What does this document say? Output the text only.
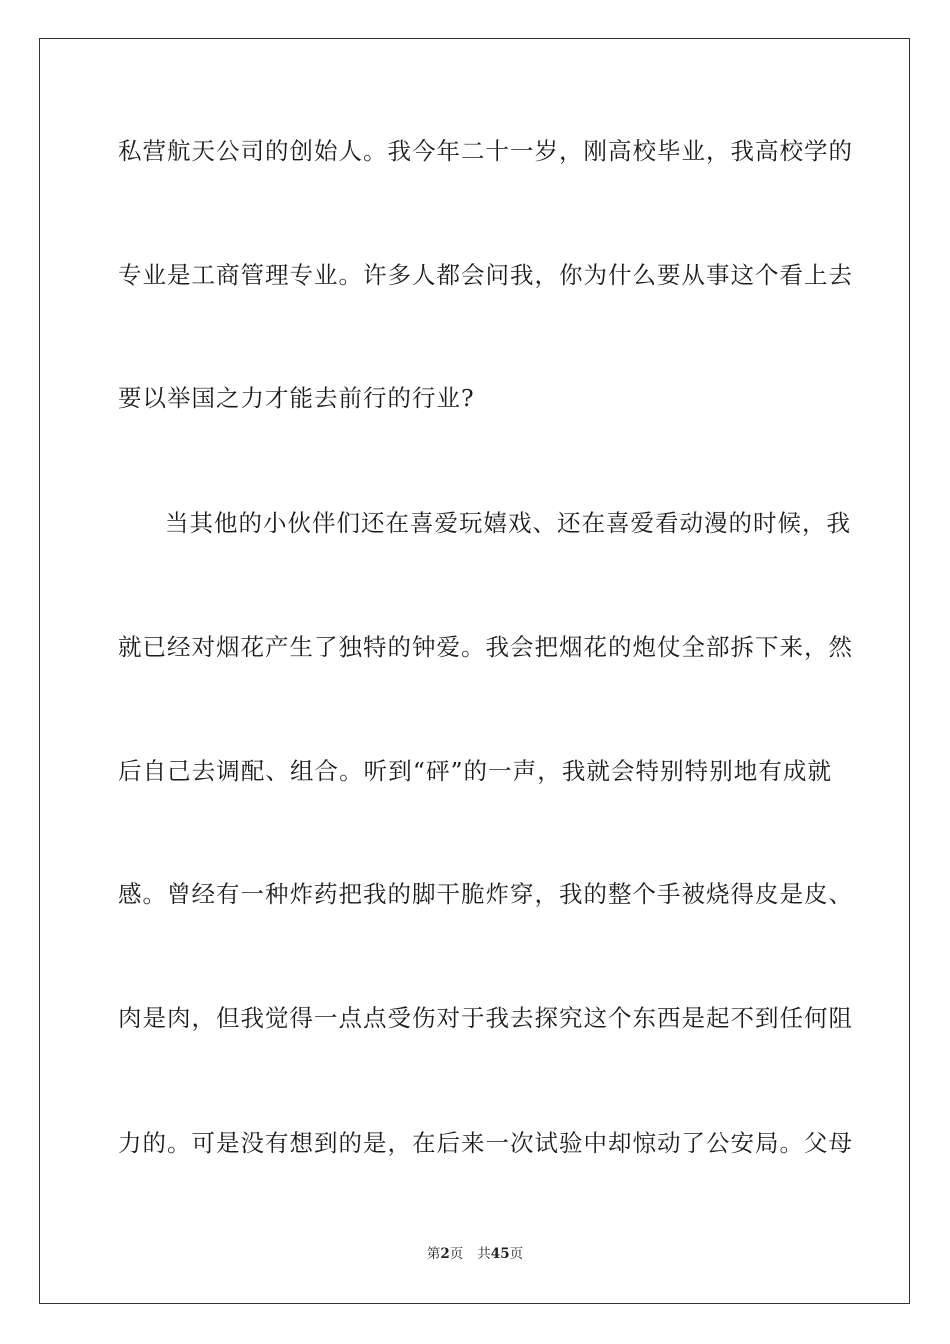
私营航天公司的创始人。我今年二十一岁，刚高校毕业，我高校学的
专业是工商管理专业。许多人都会问我，你为什么要从事这个看上去
要以举国之力才能去前行的行业?
当其他的小伙伴们还在喜爱玩嬉戏、还在喜爱看动漫的时候，我
就已经对烟花产生了独特的钟爱。我会把烟花的炮仗全部拆下来，然
后自己去调配、组合。听到“砰”的一声，我就会特别特别地有成就
感。曾经有一种炸药把我的脚干脆炸穿，我的整个手被烧得皮是皮、
肉是肉，但我觉得一点点受伤对于我去探究这个东西是起不到任何阻
力的。可是没有想到的是，在后来一次试验中却惊动了公安局。父母
第2页 共45页
